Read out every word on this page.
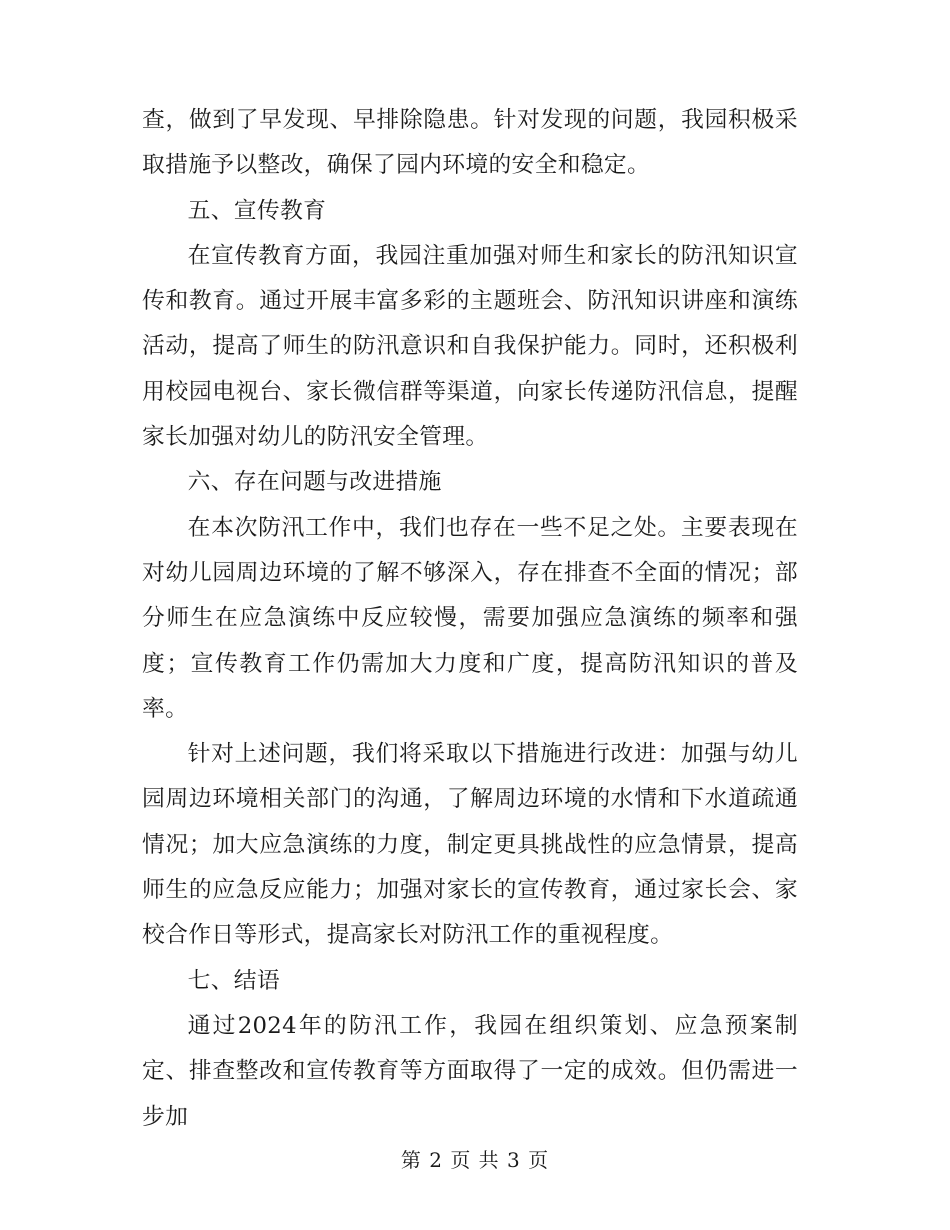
查，做到了早发现、早排除隐患。针对发现的问题，我园积极采取措施予以整改，确保了园内环境的安全和稳定。

五、宣传教育

在宣传教育方面，我园注重加强对师生和家长的防汛知识宣传和教育。通过开展丰富多彩的主题班会、防汛知识讲座和演练活动，提高了师生的防汛意识和自我保护能力。同时，还积极利用校园电视台、家长微信群等渠道，向家长传递防汛信息，提醒家长加强对幼儿的防汛安全管理。

六、存在问题与改进措施

在本次防汛工作中，我们也存在一些不足之处。主要表现在对幼儿园周边环境的了解不够深入，存在排查不全面的情况；部分师生在应急演练中反应较慢，需要加强应急演练的频率和强度；宣传教育工作仍需加大力度和广度，提高防汛知识的普及率。

针对上述问题，我们将采取以下措施进行改进：加强与幼儿园周边环境相关部门的沟通，了解周边环境的水情和下水道疏通情况；加大应急演练的力度，制定更具挑战性的应急情景，提高师生的应急反应能力；加强对家长的宣传教育，通过家长会、家校合作日等形式，提高家长对防汛工作的重视程度。

七、结语

通过2024年的防汛工作，我园在组织策划、应急预案制定、排查整改和宣传教育等方面取得了一定的成效。但仍需进一步加

第 2 页 共 3 页
